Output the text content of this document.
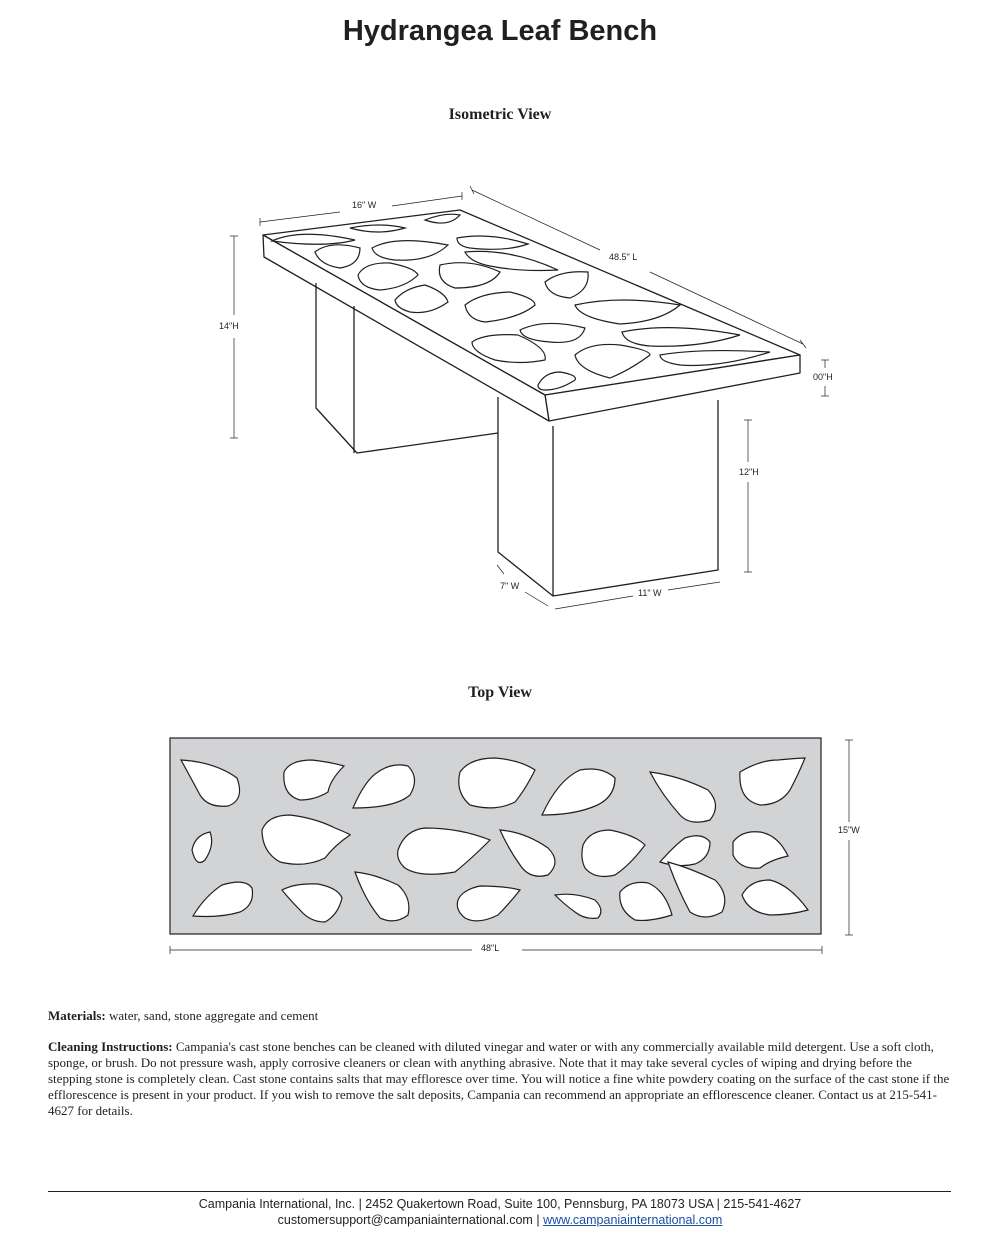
Hydrangea Leaf Bench
Isometric View
16" W
48.5" L
14"H
00"H
12"H
7" W
11" W
Top View
15"W
48"L
Materials: water, sand, stone aggregate and cement
Cleaning Instructions: Campania's cast stone benches can be cleaned with diluted vinegar and water or with any commercially available mild detergent. Use a soft cloth, sponge, or brush. Do not pressure wash, apply corrosive cleaners or clean with anything abrasive. Note that it may take several cycles of wiping and drying before the stepping stone is completely clean. Cast stone contains salts that may effloresce over time. You will notice a fine white powdery coating on the surface of the cast stone if the efflorescence is present in your product. If you wish to remove the salt deposits, Campania can recommend an appropriate an efflorescence cleaner. Contact us at 215-541-4627 for details.
Campania International, Inc. | 2452 Quakertown Road, Suite 100, Pennsburg, PA 18073 USA | 215-541-4627
customersupport@campaniainternational.com | www.campaniainternational.com
